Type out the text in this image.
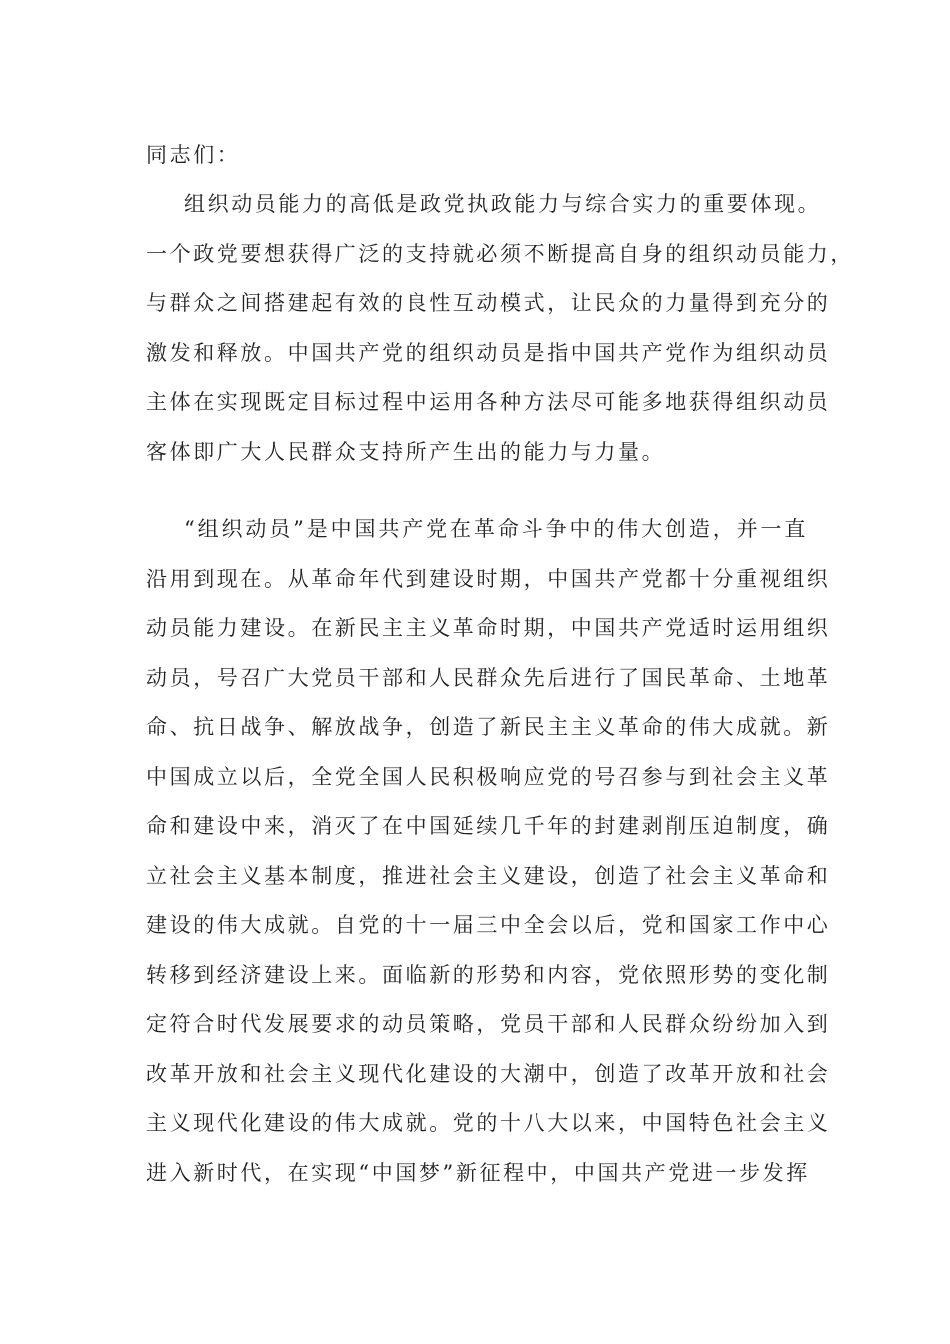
同志们：
组织动员能力的高低是政党执政能力与综合实力的重要体现。
一个政党要想获得广泛的支持就必须不断提高自身的组织动员能力，
与群众之间搭建起有效的良性互动模式，让民众的力量得到充分的
激发和释放。中国共产党的组织动员是指中国共产党作为组织动员
主体在实现既定目标过程中运用各种方法尽可能多地获得组织动员
客体即广大人民群众支持所产生出的能力与力量。
“组织动员”是中国共产党在革命斗争中的伟大创造，并一直
沿用到现在。从革命年代到建设时期，中国共产党都十分重视组织
动员能力建设。在新民主主义革命时期，中国共产党适时运用组织
动员，号召广大党员干部和人民群众先后进行了国民革命、土地革
命、抗日战争、解放战争，创造了新民主主义革命的伟大成就。新
中国成立以后，全党全国人民积极响应党的号召参与到社会主义革
命和建设中来，消灭了在中国延续几千年的封建剥削压迫制度，确
立社会主义基本制度，推进社会主义建设，创造了社会主义革命和
建设的伟大成就。自党的十一届三中全会以后，党和国家工作中心
转移到经济建设上来。面临新的形势和内容，党依照形势的变化制
定符合时代发展要求的动员策略，党员干部和人民群众纷纷加入到
改革开放和社会主义现代化建设的大潮中，创造了改革开放和社会
主义现代化建设的伟大成就。党的十八大以来，中国特色社会主义
进入新时代，在实现“中国梦”新征程中，中国共产党进一步发挥
